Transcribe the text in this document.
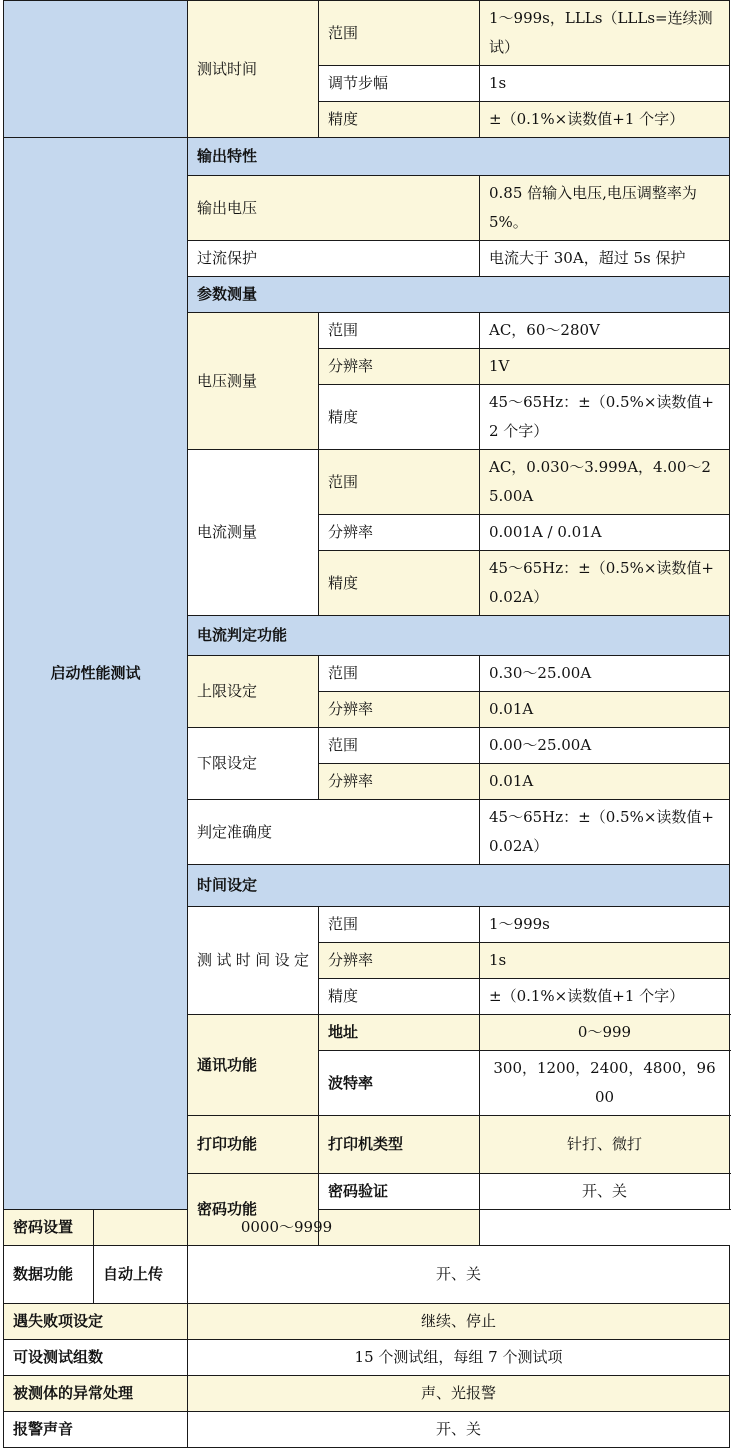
		测试时间	范围	1～999s，LLLs（LLLs=连续测试）
			调节步幅	1s
			精度	±（0.1%×读数值+1 个字）
启动性能测试		输出特性		
		输出电压		0.85 倍输入电压,电压调整率为 5%。
		过流保护		电流大于 30A，超过 5s 保护
		参数测量		
		电压测量	范围	AC，60～280V
			分辨率	1V
			精度	45～65Hz：±（0.5%×读数值+2 个字）
		电流测量	范围	AC，0.030～3.999A，4.00～25.00A
			分辨率	0.001A / 0.01A
			精度	45～65Hz：±（0.5%×读数值+0.02A）
		电流判定功能		
		上限设定	范围	0.30～25.00A
			分辨率	0.01A
		下限设定	范围	0.00～25.00A
			分辨率	0.01A
		判定准确度		45～65Hz：±（0.5%×读数值+0.02A）
		时间设定		
		测试时间设定	范围	1～999s
			分辨率	1s
			精度	±（0.1%×读数值+1 个字）
		通讯功能	地址	0～999
			波特率	300，1200，2400，4800，9600
		打印功能	打印机类型	针打、微打
		密码功能	密码验证	开、关
密码设置	0000～9999			
数据功能	自动上传	开、关		
遇失败项设定		继续、停止		
可设测试组数		15 个测试组，每组 7 个测试项		
被测体的异常处理		声、光报警		
报警声音		开、关		
